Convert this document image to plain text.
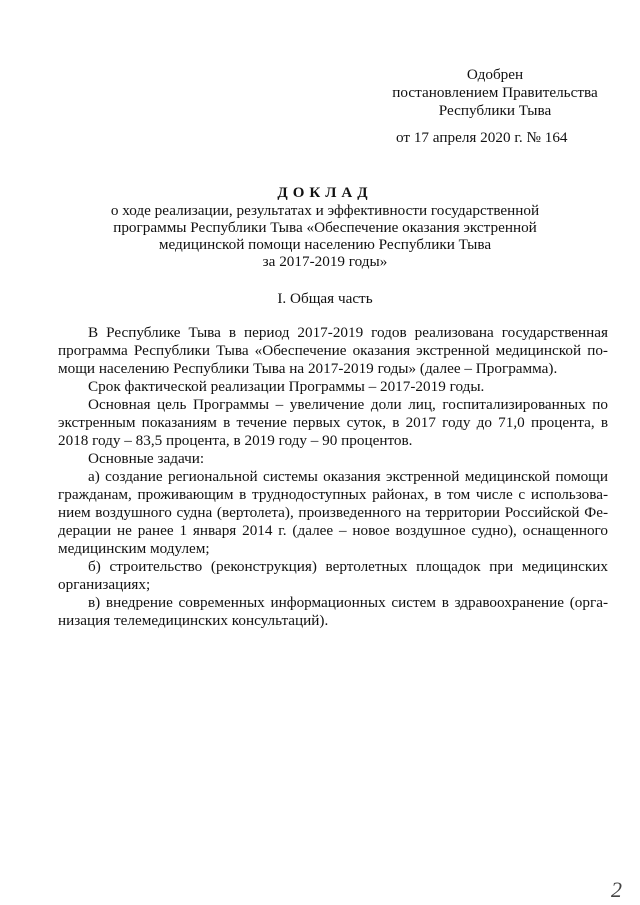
Одобрен
постановлением Правительства
Республики Тыва
от 17 апреля 2020 г. № 164
ДОКЛАД
о ходе реализации, результатах и эффективности государственной
программы Республики Тыва «Обеспечение оказания экстренной
медицинской помощи населению Республики Тыва
за 2017-2019 годы»
I. Общая часть

В Республике Тыва в период 2017-2019 годов реализована государственная
программа Республики Тыва «Обеспечение оказания экстренной медицинской по-
мощи населению Республики Тыва на 2017-2019 годы» (далее – Программа).

Срок фактической реализации Программы – 2017-2019 годы.

Основная цель Программы – увеличение доли лиц, госпитализированных по
экстренным показаниям в течение первых суток, в 2017 году до 71,0 процента, в
2018 году – 83,5 процента, в 2019 году – 90 процентов.

Основные задачи:

а) создание региональной системы оказания экстренной медицинской помощи
гражданам, проживающим в труднодоступных районах, в том числе с использова-
нием воздушного судна (вертолета), произведенного на территории Российской Фе-
дерации не ранее 1 января 2014 г. (далее – новое воздушное судно), оснащенного
медицинским модулем;

б) строительство (реконструкция) вертолетных площадок при медицинских
организациях;

в) внедрение современных информационных систем в здравоохранение (орга-
низация телемедицинских консультаций).

2
